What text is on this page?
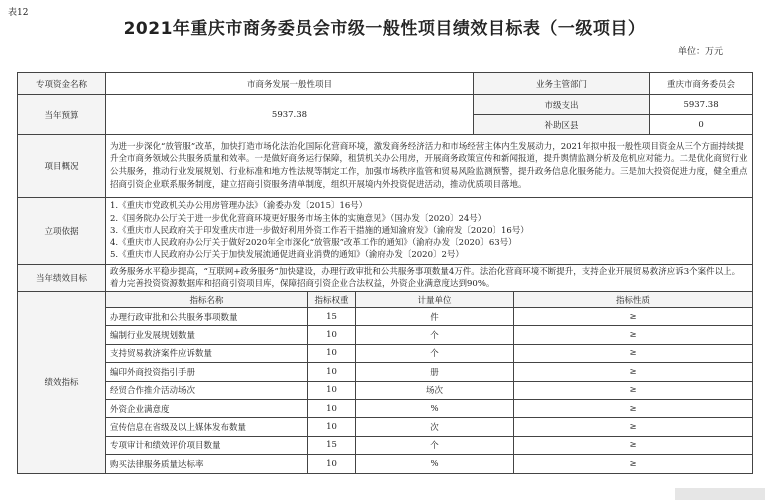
表12
2021年重庆市商务委员会市级一般性项目绩效目标表（一级项目）
单位：万元
专项资金名称	市商务发展一般性项目			业务主管部门		重庆市商务委员会	
当年预算	5937.38			市级支出		5937.38	
				补助区县		0	
项目概况	为进一步深化“放管服”改革，加快打造市场化法治化国际化营商环境，激发商务经济活力和市场经营主体内生发展动力，2021年拟申报一般性项目资金从三个方面持续提升全市商务领域公共服务质量和效率。一是做好商务运行保障，租赁机关办公用房，开展商务政策宣传和新闻报道，提升舆情监测分析及危机应对能力。二是优化商贸行业公共服务，推动行业发展规划、行业标准和地方性法规等制定工作，加强市场秩序监管和贸易风险监测预警，提升政务信息化服务能力。三是加大投资促进力度，健全重点招商引资企业联系服务制度，建立招商引资服务清单制度，组织开展境内外投资促进活动，推动优质项目落地。						
立项依据	1.《重庆市党政机关办公用房管理办法》（渝委办发〔2015〕16号）
2.《国务院办公厅关于进一步优化营商环境更好服务市场主体的实施意见》（国办发〔2020〕24号）
3.《重庆市人民政府关于印发重庆市进一步做好利用外资工作若干措施的通知渝府发》（渝府发〔2020〕16号）
4.《重庆市人民政府办公厅关于做好2020年全市深化“放管服”改革工作的通知》（渝府办发〔2020〕63号）
5.《重庆市人民政府办公厅关于加快发展流通促进商业消费的通知》（渝府办发〔2020〕2号）						

当年绩效目标	政务服务水平稳步提高，“互联网+政务服务”加快建设，办理行政审批和公共服务事项数量4万件。法治化营商环境不断提升，支持企业开展贸易救济应诉3个案件以上。着力完善投资资源数据库和招商引资项目库，保障招商引资企业合法权益，外资企业满意度达到90%。						
绩效指标	指标名称	指标权重	计量单位		指标性质	
	办理行政审批和公共服务事项数量	15	件		≥	
	编制行业发展规划数量	10	个		≥	
	支持贸易救济案件应诉数量	10	个		≥	
	编印外商投资指引手册	10	册		≥	
	经贸合作推介活动场次	10	场次		≥	
	外资企业满意度	10	%		≥	
	宣传信息在省级及以上媒体发布数量	10	次		≥	
	专项审计和绩效评价项目数量	15	个		≥	
	购买法律服务质量达标率	10	%		≥	
